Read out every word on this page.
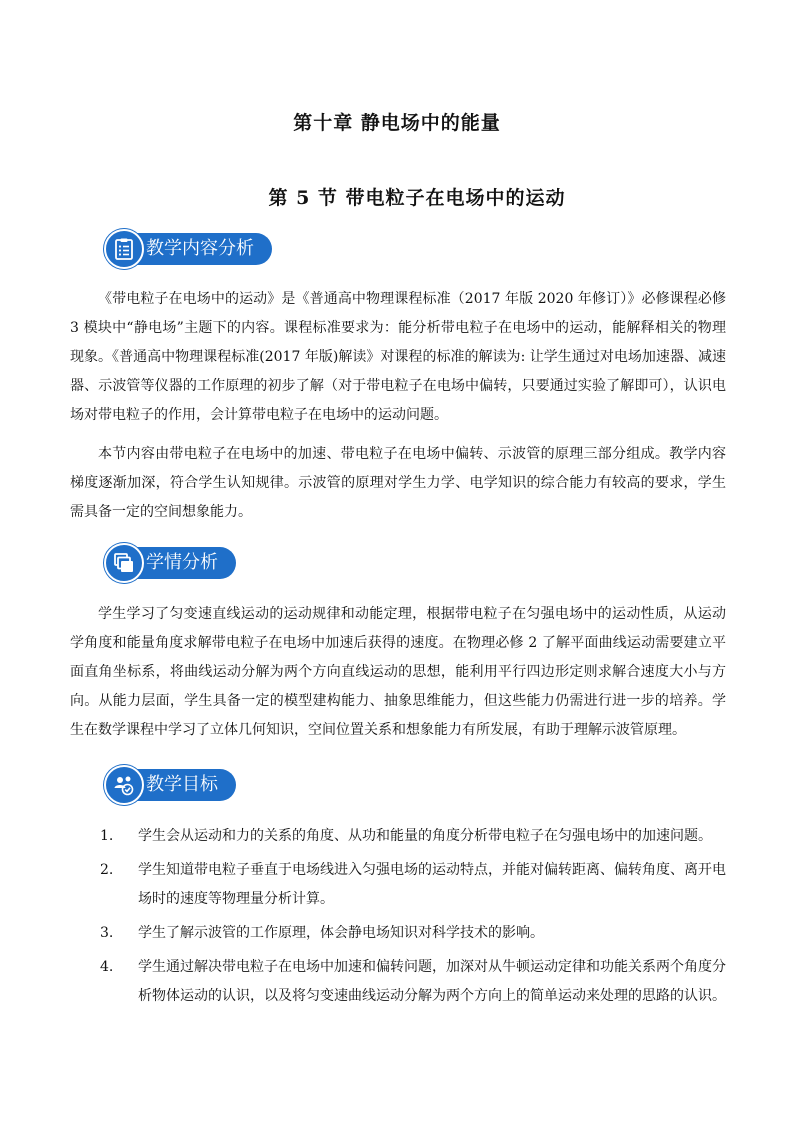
第十章 静电场中的能量
第 5 节 带电粒子在电场中的运动
教学内容分析
《带电粒子在电场中的运动》是《普通高中物理课程标准（2017 年版 2020 年修订）》必修课程必修 3 模块中“静电场”主题下的内容。课程标准要求为：能分析带电粒子在电场中的运动，能解释相关的物理现象。《普通高中物理课程标准(2017 年版)解读》对课程的标准的解读为: 让学生通过对电场加速器、减速器、示波管等仪器的工作原理的初步了解（对于带电粒子在电场中偏转，只要通过实验了解即可），认识电场对带电粒子的作用，会计算带电粒子在电场中的运动问题。
本节内容由带电粒子在电场中的加速、带电粒子在电场中偏转、示波管的原理三部分组成。教学内容梯度逐渐加深，符合学生认知规律。示波管的原理对学生力学、电学知识的综合能力有较高的要求，学生需具备一定的空间想象能力。
学情分析
学生学习了匀变速直线运动的运动规律和动能定理，根据带电粒子在匀强电场中的运动性质，从运动学角度和能量角度求解带电粒子在电场中加速后获得的速度。在物理必修 2 了解平面曲线运动需要建立平面直角坐标系，将曲线运动分解为两个方向直线运动的思想，能利用平行四边形定则求解合速度大小与方向。从能力层面，学生具备一定的模型建构能力、抽象思维能力，但这些能力仍需进行进一步的培养。学生在数学课程中学习了立体几何知识，空间位置关系和想象能力有所发展，有助于理解示波管原理。
教学目标
1. 学生会从运动和力的关系的角度、从功和能量的角度分析带电粒子在匀强电场中的加速问题。
2. 学生知道带电粒子垂直于电场线进入匀强电场的运动特点，并能对偏转距离、偏转角度、离开电场时的速度等物理量分析计算。
3. 学生了解示波管的工作原理，体会静电场知识对科学技术的影响。
4. 学生通过解决带电粒子在电场中加速和偏转问题，加深对从牛顿运动定律和功能关系两个角度分析物体运动的认识，以及将匀变速曲线运动分解为两个方向上的简单运动来处理的思路的认识。
